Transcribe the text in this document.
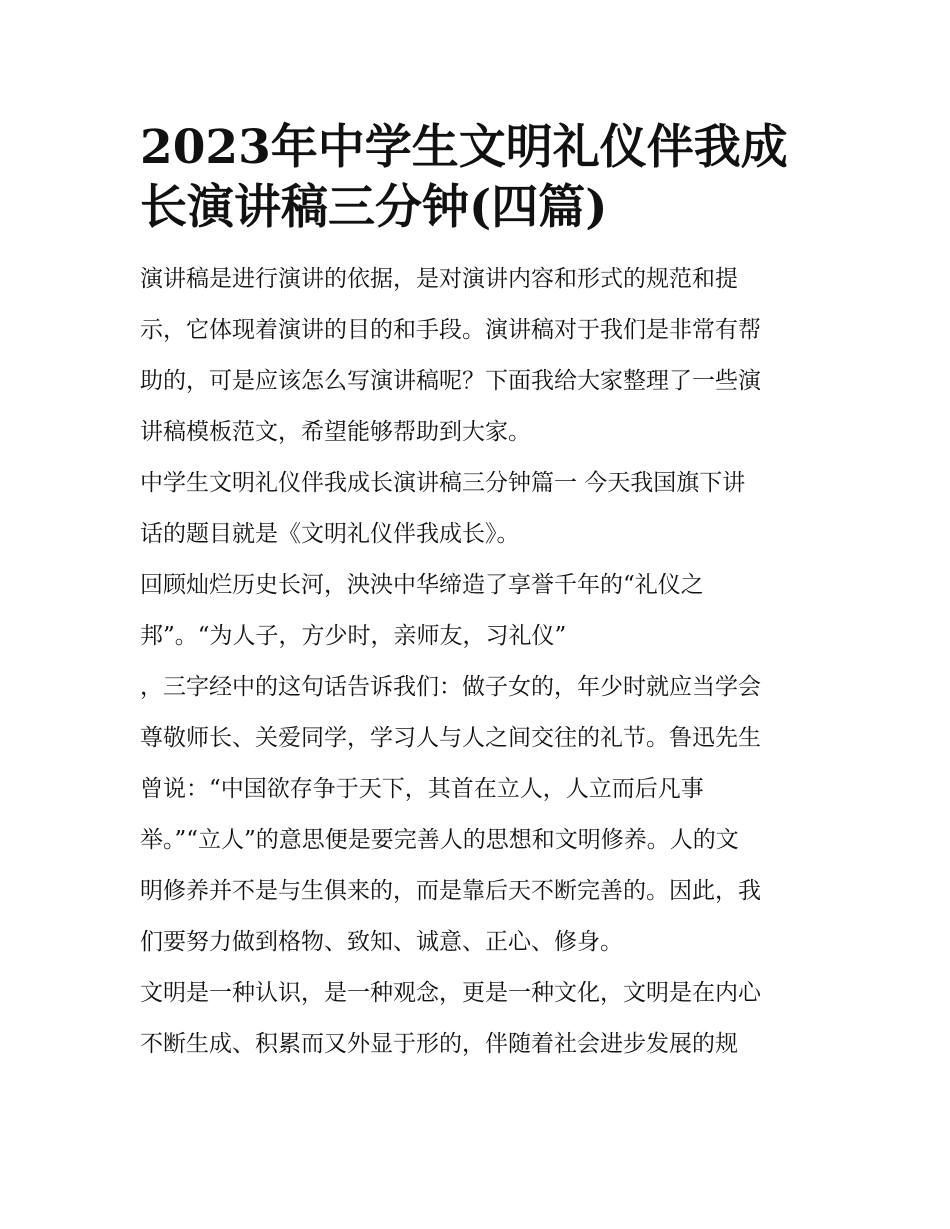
2023年中学生文明礼仪伴我成
长演讲稿三分钟(四篇)

演讲稿是进行演讲的依据，是对演讲内容和形式的规范和提
示，它体现着演讲的目的和手段。演讲稿对于我们是非常有帮
助的，可是应该怎么写演讲稿呢？下面我给大家整理了一些演
讲稿模板范文，希望能够帮助到大家。

中学生文明礼仪伴我成长演讲稿三分钟篇一 今天我国旗下讲
话的题目就是《文明礼仪伴我成长》。

回顾灿烂历史长河，泱泱中华缔造了享誉千年的“礼仪之
邦”。“为人子，方少时，亲师友，习礼仪”
，三字经中的这句话告诉我们：做子女的，年少时就应当学会
尊敬师长、关爱同学，学习人与人之间交往的礼节。鲁迅先生
曾说：“中国欲存争于天下，其首在立人，人立而后凡事
举。”“立人”的意思便是要完善人的思想和文明修养。人的文
明修养并不是与生俱来的，而是靠后天不断完善的。因此，我
们要努力做到格物、致知、诚意、正心、修身。

文明是一种认识，是一种观念，更是一种文化，文明是在内心
不断生成、积累而又外显于形的，伴随着社会进步发展的规
